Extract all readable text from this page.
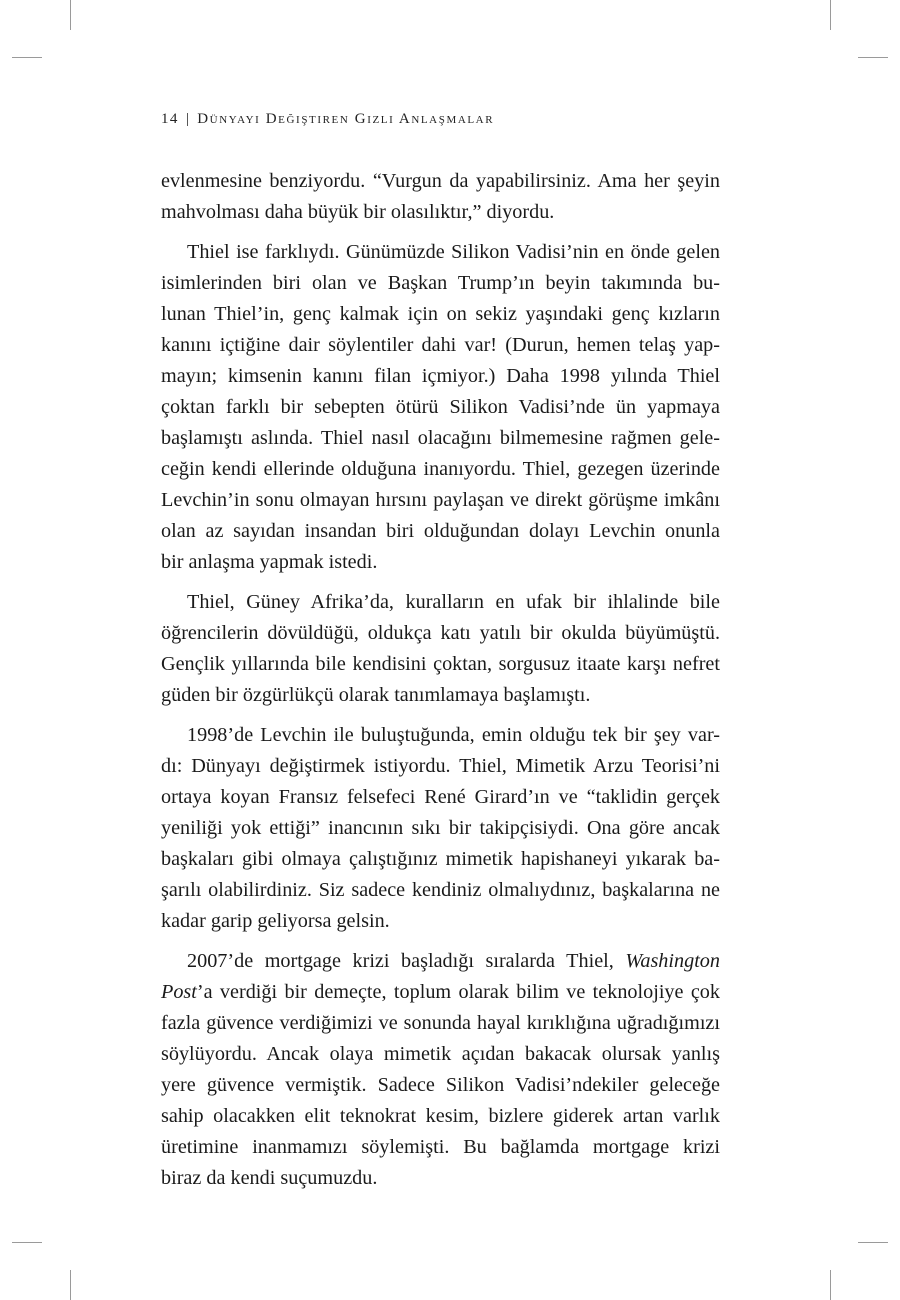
14 | Dünyayı Değiştiren Gizli Anlaşmalar

evlenmesine benziyordu. “Vurgun da yapabilirsiniz. Ama her şeyin
mahvolması daha büyük bir olasılıktır,” diyordu.

Thiel ise farklıydı. Günümüzde Silikon Vadisi’nin en önde gelen
isimlerinden biri olan ve Başkan Trump’ın beyin takımında bu-
lunan Thiel’in, genç kalmak için on sekiz yaşındaki genç kızların
kanını içtiğine dair söylentiler dahi var! (Durun, hemen telaş yap-
mayın; kimsenin kanını filan içmiyor.) Daha 1998 yılında Thiel
çoktan farklı bir sebepten ötürü Silikon Vadisi’nde ün yapmaya
başlamıştı aslında. Thiel nasıl olacağını bilmemesine rağmen gele-
ceğin kendi ellerinde olduğuna inanıyordu. Thiel, gezegen üzerinde
Levchin’in sonu olmayan hırsını paylaşan ve direkt görüşme imkânı
olan az sayıdan insandan biri olduğundan dolayı Levchin onunla
bir anlaşma yapmak istedi.

Thiel, Güney Afrika’da, kuralların en ufak bir ihlalinde bile
öğrencilerin dövüldüğü, oldukça katı yatılı bir okulda büyümüştü.
Gençlik yıllarında bile kendisini çoktan, sorgusuz itaate karşı nefret
güden bir özgürlükçü olarak tanımlamaya başlamıştı.

1998’de Levchin ile buluştuğunda, emin olduğu tek bir şey var-
dı: Dünyayı değiştirmek istiyordu. Thiel, Mimetik Arzu Teorisi’ni
ortaya koyan Fransız felsefeci René Girard’ın ve “taklidin gerçek
yeniliği yok ettiği” inancının sıkı bir takipçisiydi. Ona göre ancak
başkaları gibi olmaya çalıştığınız mimetik hapishaneyi yıkarak ba-
şarılı olabilirdiniz. Siz sadece kendiniz olmalıydınız, başkalarına ne
kadar garip geliyorsa gelsin.

2007’de mortgage krizi başladığı sıralarda Thiel, Washington
Post’a verdiği bir demeçte, toplum olarak bilim ve teknolojiye çok
fazla güvence verdiğimizi ve sonunda hayal kırıklığına uğradığımızı
söylüyordu. Ancak olaya mimetik açıdan bakacak olursak yanlış
yere güvence vermiştik. Sadece Silikon Vadisi’ndekiler geleceğe
sahip olacakken elit teknokrat kesim, bizlere giderek artan varlık
üretimine inanmamızı söylemişti. Bu bağlamda mortgage krizi
biraz da kendi suçumuzdu.
